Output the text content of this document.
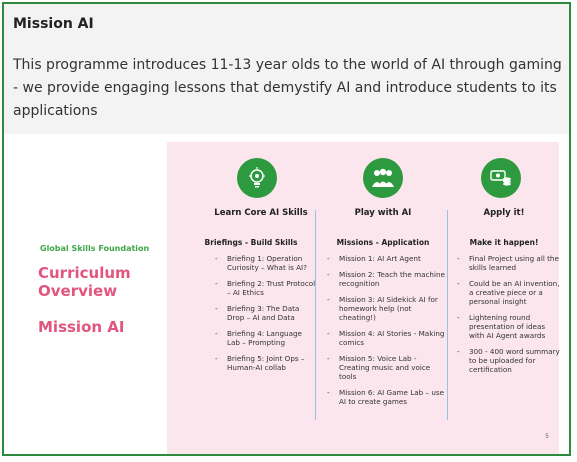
Mission AI
This programme introduces 11-13 year olds to the world of AI through gaming - we provide engaging lessons that demystify AI and introduce students to its applications
Global Skills Foundation
Curriculum Overview
Mission AI
Learn Core AI Skills
Briefings - Build Skills
- Briefing 1: Operation Curiosity – What is AI?
- Briefing 2: Trust Protocol – AI Ethics
- Briefing 3: The Data Drop – AI and Data
- Briefing 4: Language Lab – Prompting
- Briefing 5: Joint Ops – Human-AI collab
Play with AI
Missions - Application
- Mission 1: AI Art Agent
- Mission 2: Teach the machine recognition
- Mission 3: AI Sidekick AI for homework help (not cheating!)
- Mission 4: AI Stories - Making comics
- Mission 5: Voice Lab - Creating music and voice tools
- Mission 6: AI Game Lab – use AI to create games
Apply it!
Make it happen!
- Final Project using all the skills learned
- Could be an AI invention, a creative piece or a personal insight
- Lightening round presentation of ideas with AI Agent awards
- 300 - 400 word summary to be uploaded for certification
5
